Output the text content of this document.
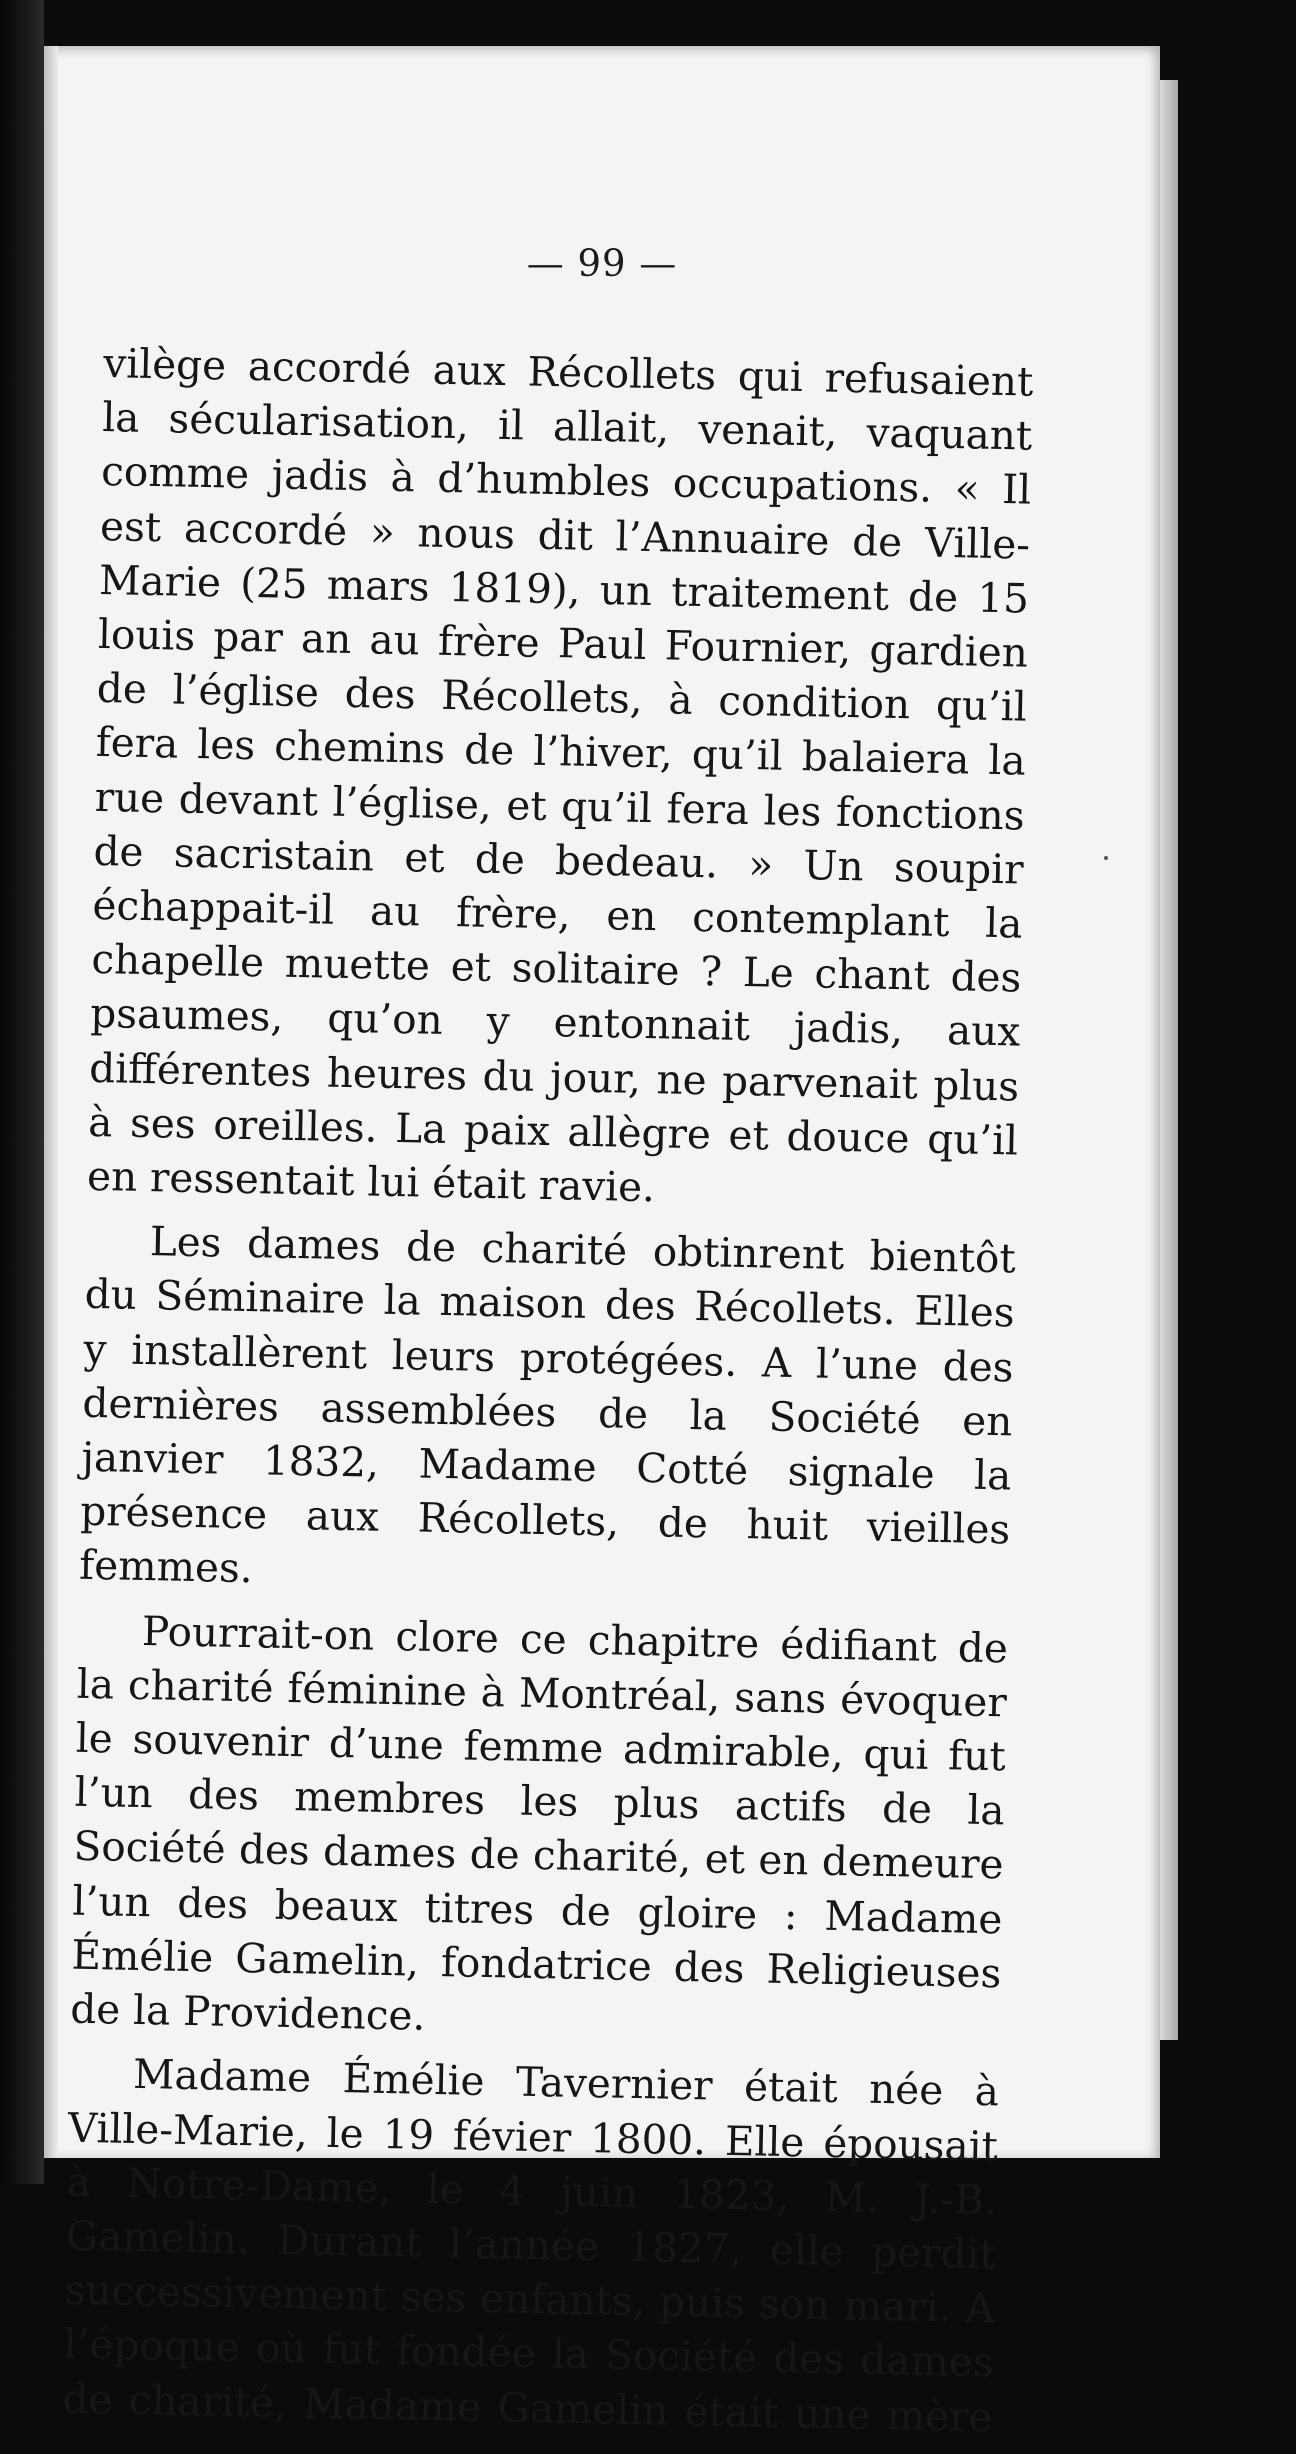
— 99 —

vilège accordé aux Récollets qui refusaient la sécularisation, il allait, venait, vaquant comme jadis à d’humbles occupations. « Il est accordé » nous dit l’Annuaire de Ville-Marie (25 mars 1819), un traitement de 15 louis par an au frère Paul Fournier, gardien de l’église des Récollets, à condition qu’il fera les chemins de l’hiver, qu’il balaiera la rue devant l’église, et qu’il fera les fonctions de sacristain et de bedeau. » Un soupir échappait-il au frère, en contemplant la chapelle muette et solitaire ? Le chant des psaumes, qu’on y entonnait jadis, aux différentes heures du jour, ne parvenait plus à ses oreilles. La paix allègre et douce qu’il en ressentait lui était ravie.

Les dames de charité obtinrent bientôt du Séminaire la maison des Récollets. Elles y installèrent leurs protégées. A l’une des dernières assemblées de la Société en janvier 1832, Madame Cotté signale la présence aux Récollets, de huit vieilles femmes.

Pourrait-on clore ce chapitre édifiant de la charité féminine à Montréal, sans évoquer le souvenir d’une femme admirable, qui fut l’un des membres les plus actifs de la Société des dames de charité, et en demeure l’un des beaux titres de gloire : Madame Émélie Gamelin, fondatrice des Religieuses de la Providence.

Madame Émélie Tavernier était née à Ville-Marie, le 19 févier 1800. Elle épousait à Notre-Dame, le 4 juin 1823, M. J.-B. Gamelin. Durant l’année 1827, elle perdit successivement ses enfants, puis son mari. A l’époque où fut fondée la Société des dames de charité, Madame Gamelin était une mère
